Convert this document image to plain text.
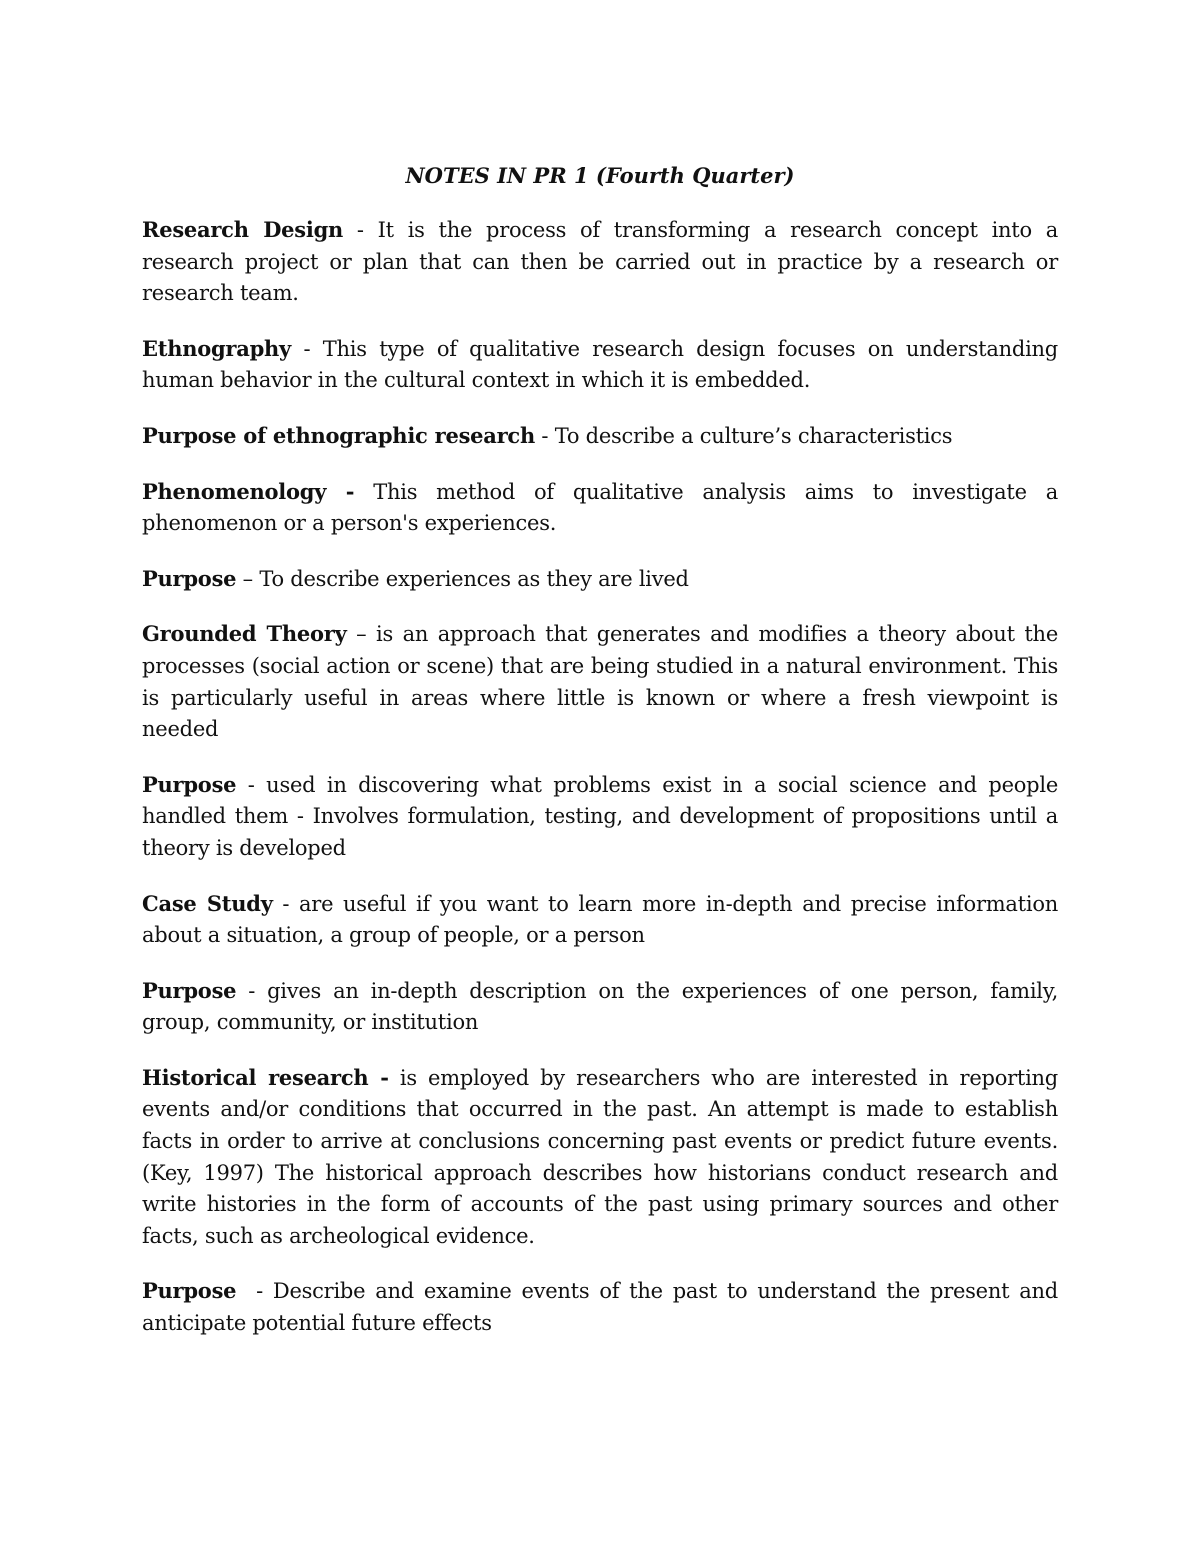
NOTES IN PR 1 (Fourth Quarter)

Research Design - It is the process of transforming a research concept into a research project or plan that can then be carried out in practice by a research or research team.

Ethnography - This type of qualitative research design focuses on understanding human behavior in the cultural context in which it is embedded.

Purpose of ethnographic research - To describe a culture’s characteristics

Phenomenology - This method of qualitative analysis aims to investigate a phenomenon or a person's experiences.

Purpose – To describe experiences as they are lived

Grounded Theory – is an approach that generates and modifies a theory about the processes (social action or scene) that are being studied in a natural environment. This is particularly useful in areas where little is known or where a fresh viewpoint is needed

Purpose - used in discovering what problems exist in a social science and people handled them - Involves formulation, testing, and development of propositions until a theory is developed

Case Study - are useful if you want to learn more in-depth and precise information about a situation, a group of people, or a person

Purpose - gives an in-depth description on the experiences of one person, family, group, community, or institution

Historical research - is employed by researchers who are interested in reporting events and/or conditions that occurred in the past. An attempt is made to establish facts in order to arrive at conclusions concerning past events or predict future events. (Key, 1997) The historical approach describes how historians conduct research and write histories in the form of accounts of the past using primary sources and other facts, such as archeological evidence.

Purpose  - Describe and examine events of the past to understand the present and anticipate potential future effects
